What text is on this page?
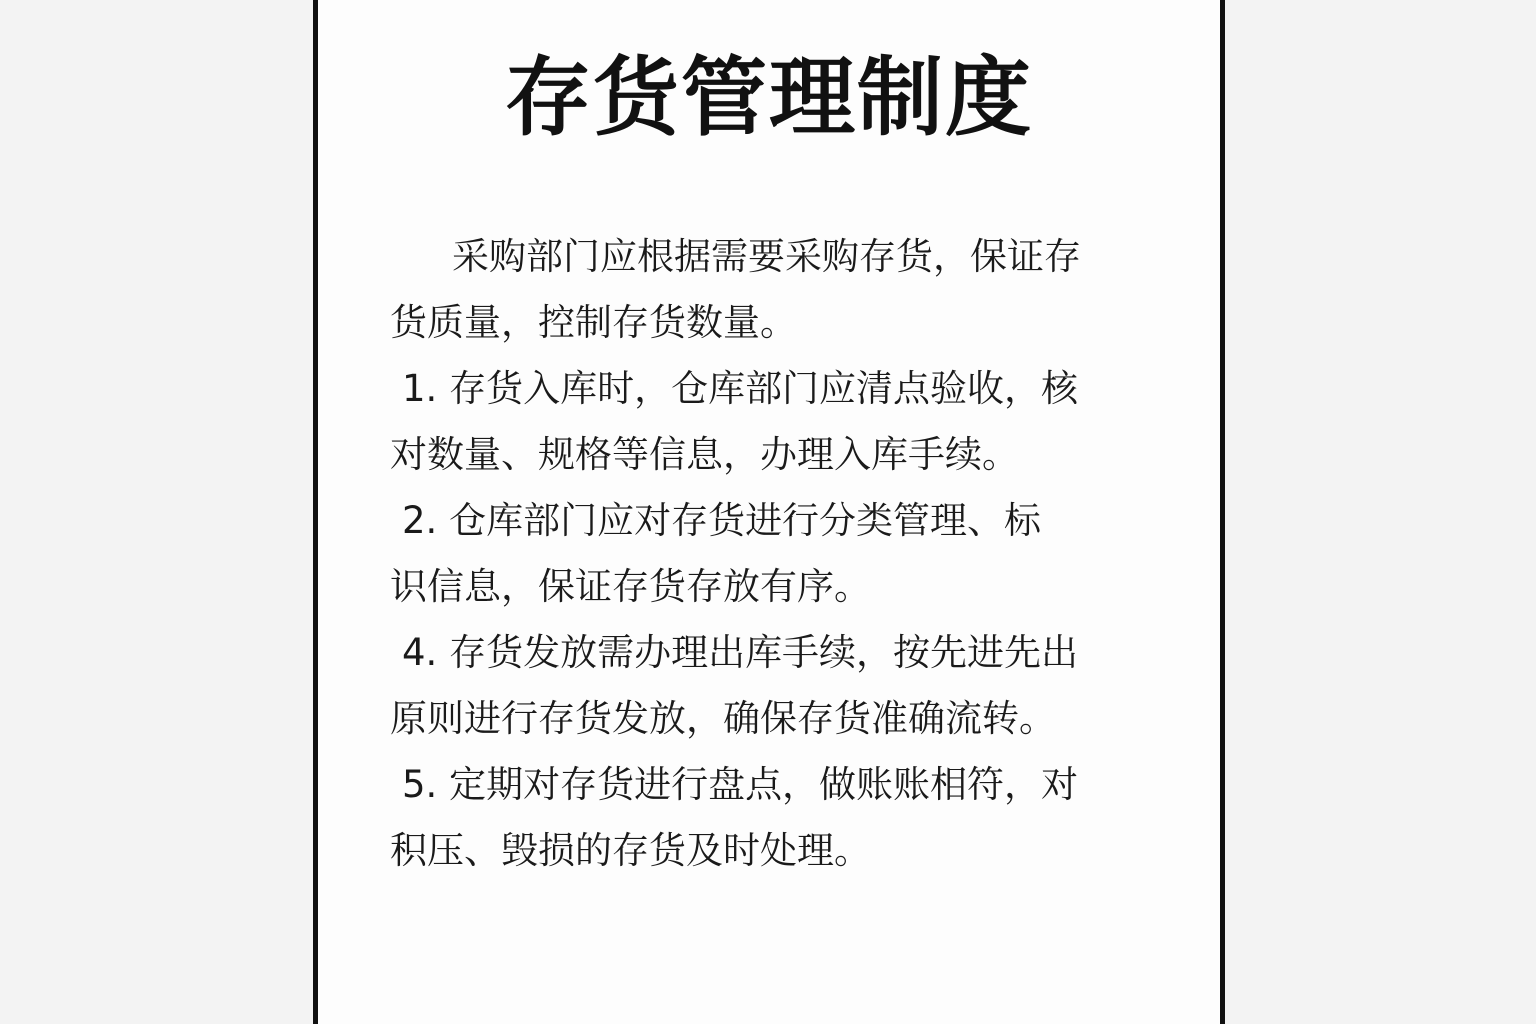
存货管理制度

采购部门应根据需要采购存货，保证存
货质量，控制存货数量。

1. 存货入库时，仓库部门应清点验收，核
对数量、规格等信息，办理入库手续。

2. 仓库部门应对存货进行分类管理、标
识信息，保证存货存放有序。

4. 存货发放需办理出库手续，按先进先出
原则进行存货发放，确保存货准确流转。

5. 定期对存货进行盘点，做账账相符，对
积压、毁损的存货及时处理。
